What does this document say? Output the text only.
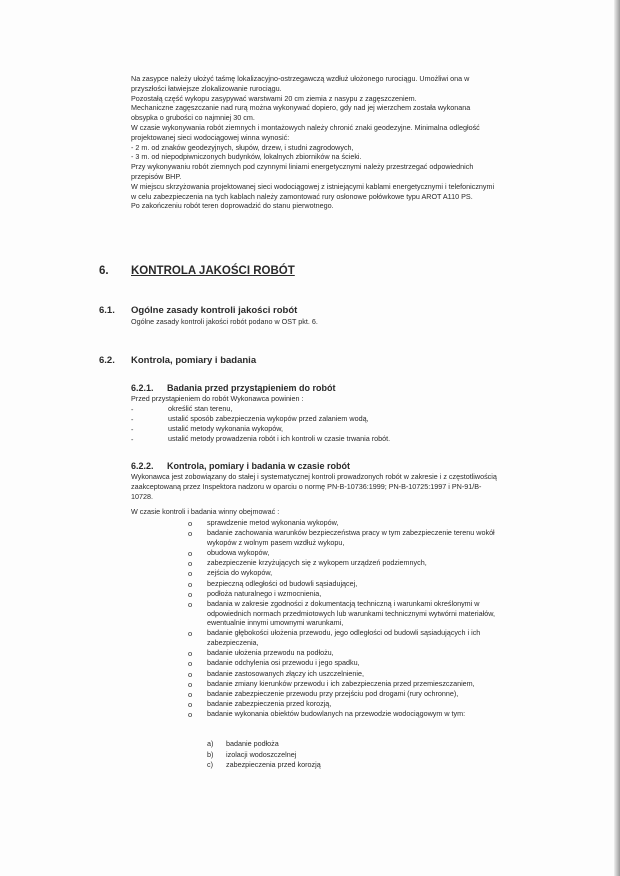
Na zasypce należy ułożyć taśmę lokalizacyjno-ostrzegawczą wzdłuż ułożonego rurociągu. Umożliwi ona w
przyszłości łatwiejsze zlokalizowanie rurociągu.
Pozostałą część wykopu zasypywać warstwami 20 cm ziemia z nasypu z zagęszczeniem.
Mechaniczne zagęszczanie nad rurą można wykonywać dopiero, gdy nad jej wierzchem została wykonana
obsypka o grubości co najmniej 30 cm.
W czasie wykonywania robót ziemnych i montażowych należy chronić znaki geodezyjne. Minimalna odległość
projektowanej sieci wodociągowej winna wynosić:
- 2 m. od znaków geodezyjnych, słupów, drzew, i studni zagrodowych,
- 3 m. od niepodpiwniczonych budynków, lokalnych zbiorników na ścieki.
Przy wykonywaniu robót ziemnych pod czynnymi liniami energetycznymi należy przestrzegać odpowiednich
przepisów BHP.
W miejscu skrzyżowania projektowanej sieci wodociągowej z istniejącymi kablami energetycznymi i telefonicznymi
w celu zabezpieczenia na tych kablach należy zamontować rury osłonowe połówkowe typu AROT A110 PS.
Po zakończeniu robót teren doprowadzić do stanu pierwotnego.
6. KONTROLA JAKOŚCI ROBÓT
6.1. Ogólne zasady kontroli jakości robót
Ogólne zasady kontroli jakości robót podano w OST pkt. 6.
6.2. Kontrola, pomiary i badania
6.2.1. Badania przed przystąpieniem do robót
Przed przystąpieniem do robót Wykonawca powinien :
-	określić stan terenu,
-	ustalić sposób zabezpieczenia wykopów przed zalaniem wodą,
-	ustalić metody wykonania wykopów,
-	ustalić metody prowadzenia robót i ich kontroli w czasie trwania robót.
6.2.2. Kontrola, pomiary i badania w czasie robót
Wykonawca jest zobowiązany do stałej i systematycznej kontroli prowadzonych robót w zakresie i z częstotliwością
zaakceptowaną przez Inspektora nadzoru w oparciu o normę PN-B-10736:1999; PN-B-10725:1997 i PN-91/B-
10728.
W czasie kontroli i badania winny obejmować :
o sprawdzenie metod wykonania wykopów,
o badanie zachowania warunków bezpieczeństwa pracy w tym zabezpieczenie terenu wokół
wykopów z wolnym pasem wzdłuż wykopu,
o obudowa wykopów,
o zabezpieczenie krzyżujących się z wykopem urządzeń podziemnych,
o zejścia do wykopów,
o bezpieczną odległości od budowli sąsiadującej,
o podłoża naturalnego i wzmocnienia,
o badania w zakresie zgodności z dokumentacją techniczną i warunkami określonymi w
odpowiednich normach przedmiotowych lub warunkami technicznymi wytwórni materiałów,
ewentualnie innymi umownymi warunkami,
o badanie głębokości ułożenia przewodu, jego odległości od budowli sąsiadujących i ich
zabezpieczenia,
o badanie ułożenia przewodu na podłożu,
o badanie odchylenia osi przewodu i jego spadku,
o badanie zastosowanych złączy ich uszczelnienie,
o badanie zmiany kierunków przewodu i ich zabezpieczenia przed przemieszczaniem,
o badanie zabezpieczenie przewodu przy przejściu pod drogami (rury ochronne),
o badanie zabezpieczenia przed korozją,
o badanie wykonania obiektów budowlanych na przewodzie wodociągowym w tym:
a) badanie podłoża
b) izolacji wodoszczelnej
c) zabezpieczenia przed korozją
